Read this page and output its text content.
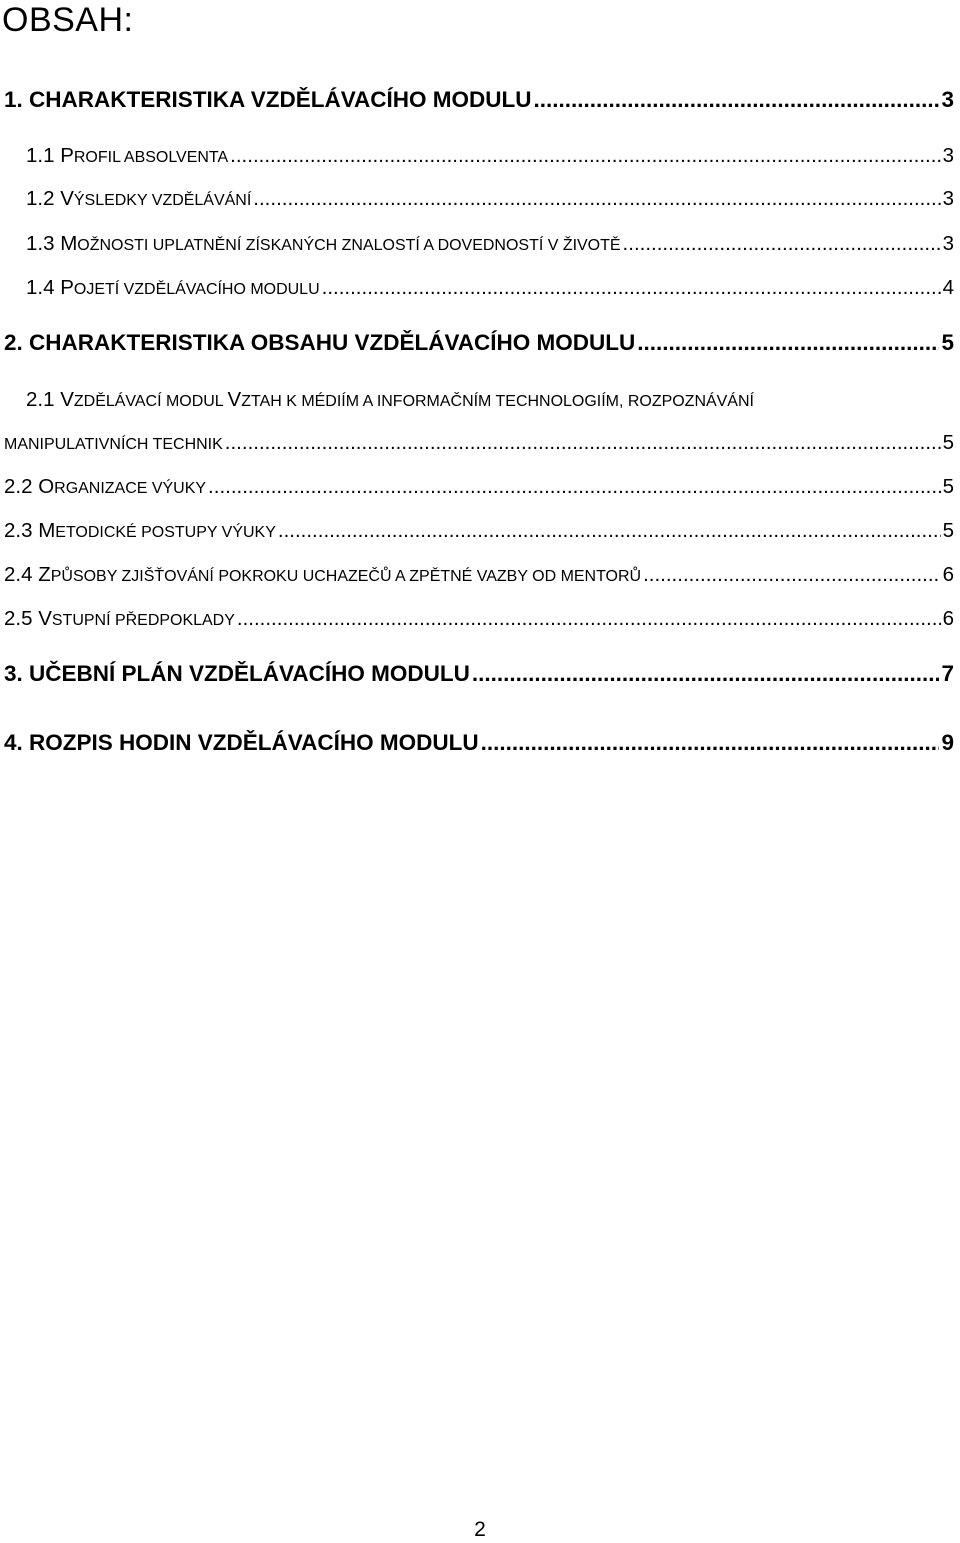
OBSAH:
1. CHARAKTERISTIKA VZDĚLÁVACÍHO MODULU .....	3
1.1 PROFIL ABSOLVENTA .....	3
1.2 VÝSLEDKY VZDĚLÁVÁNÍ .....	3
1.3 MOŽNOSTI UPLATNĚNÍ ZÍSKANÝCH ZNALOSTÍ A DOVEDNOSTÍ V ŽIVOTĚ .....	3
1.4 POJETÍ VZDĚLÁVACÍHO MODULU .....	4
2. CHARAKTERISTIKA OBSAHU VZDĚLÁVACÍHO MODULU .....	5
2.1 VZDĚLÁVACÍ MODUL VZTAH K MÉDIÍM A INFORMAČNÍM TECHNOLOGIÍM, ROZPOZNÁVÁNÍ
MANIPULATIVNÍCH TECHNIK .....	5
2.2 ORGANIZACE VÝUKY .....	5
2.3 METODICKÉ POSTUPY VÝUKY .....	5
2.4 ZPŮSOBY ZJIŠŤOVÁNÍ POKROKU UCHAZEČŮ A ZPĚTNÉ VAZBY OD MENTORŮ .....	6
2.5 VSTUPNÍ PŘEDPOKLADY .....	6
3. UČEBNÍ PLÁN VZDĚLÁVACÍHO MODULU .....	7
4. ROZPIS HODIN VZDĚLÁVACÍHO MODULU .....	9
2
